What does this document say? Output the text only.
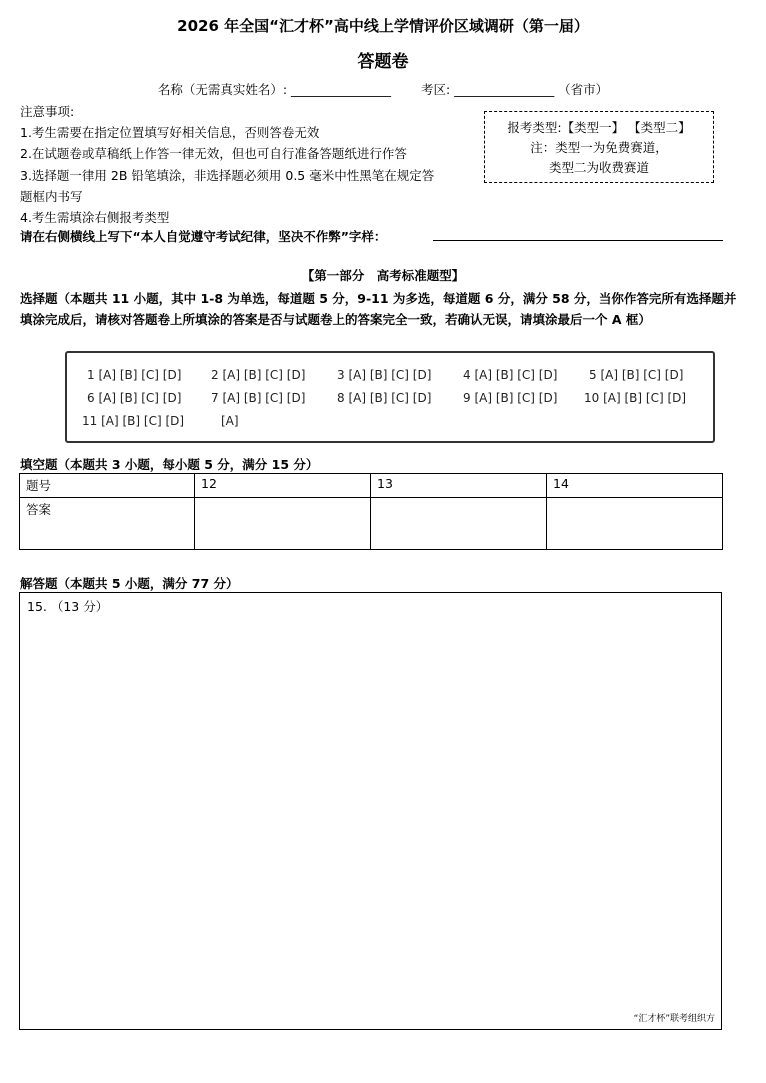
2026 年全国“汇才杯”高中线上学情评价区域调研（第一届）
答题卷
名称（无需真实姓名）: ________________ 考区: ________________ （省市）
注意事项:
1.考生需要在指定位置填写好相关信息，否则答卷无效
2.在试题卷或草稿纸上作答一律无效，但也可自行准备答题纸进行作答
3.选择题一律用 2B 铅笔填涂，非选择题必须用 0.5 毫米中性黑笔在规定答
题框内书写
4.考生需填涂右侧报考类型
报考类型:【类型一】 【类型二】
注：类型一为免费赛道，
类型二为收费赛道
请在右侧横线上写下“本人自觉遵守考试纪律，坚决不作弊”字样：
【第一部分　高考标准题型】
选择题（本题共 11 小题，其中 1-8 为单选，每道题 5 分，9-11 为多选，每道题 6 分，满分 58 分，当你作答完所有选择题并填涂完成后，请核对答题卷上所填涂的答案是否与试题卷上的答案完全一致，若确认无误，请填涂最后一个 A 框）
1 [A] [B] [C] [D] 2 [A] [B] [C] [D]	3 [A] [B] [C] [D]	4 [A] [B] [C] [D]	5 [A] [B] [C] [D]
6 [A] [B] [C] [D] 7 [A] [B] [C] [D]	8 [A] [B] [C] [D]	9 [A] [B] [C] [D] 10 [A] [B] [C] [D]
11 [A] [B] [C] [D]	[A]
填空题（本题共 3 小题，每小题 5 分，满分 15 分）
题号	12	13	14
答案			
解答题（本题共 5 小题，满分 77 分）
15. （13 分）
“汇才杯”联考组织方
